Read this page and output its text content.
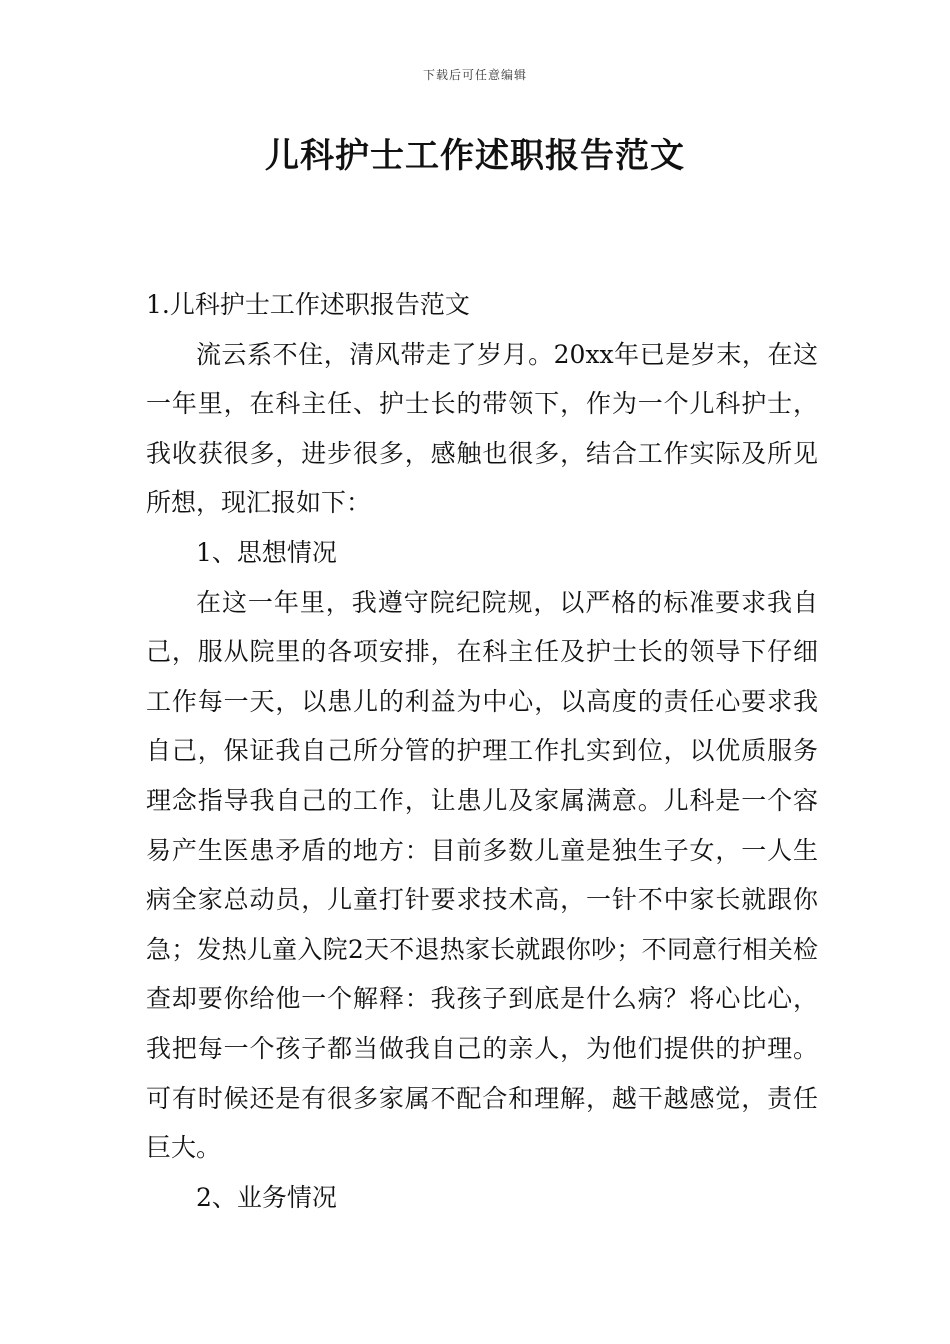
下载后可任意编辑
儿科护士工作述职报告范文
1.儿科护士工作述职报告范文

流云系不住，清风带走了岁月。20xx年已是岁末，在这一年里，在科主任、护士长的带领下，作为一个儿科护士，我收获很多，进步很多，感触也很多，结合工作实际及所见所想，现汇报如下：

1、思想情况

在这一年里，我遵守院纪院规，以严格的标准要求我自己，服从院里的各项安排，在科主任及护士长的领导下仔细工作每一天，以患儿的利益为中心，以高度的责任心要求我自己，保证我自己所分管的护理工作扎实到位，以优质服务理念指导我自己的工作，让患儿及家属满意。儿科是一个容易产生医患矛盾的地方：目前多数儿童是独生子女，一人生病全家总动员，儿童打针要求技术高，一针不中家长就跟你急；发热儿童入院2天不退热家长就跟你吵；不同意行相关检查却要你给他一个解释：我孩子到底是什么病？将心比心，我把每一个孩子都当做我自己的亲人，为他们提供的护理。可有时候还是有很多家属不配合和理解，越干越感觉，责任巨大。

2、业务情况
